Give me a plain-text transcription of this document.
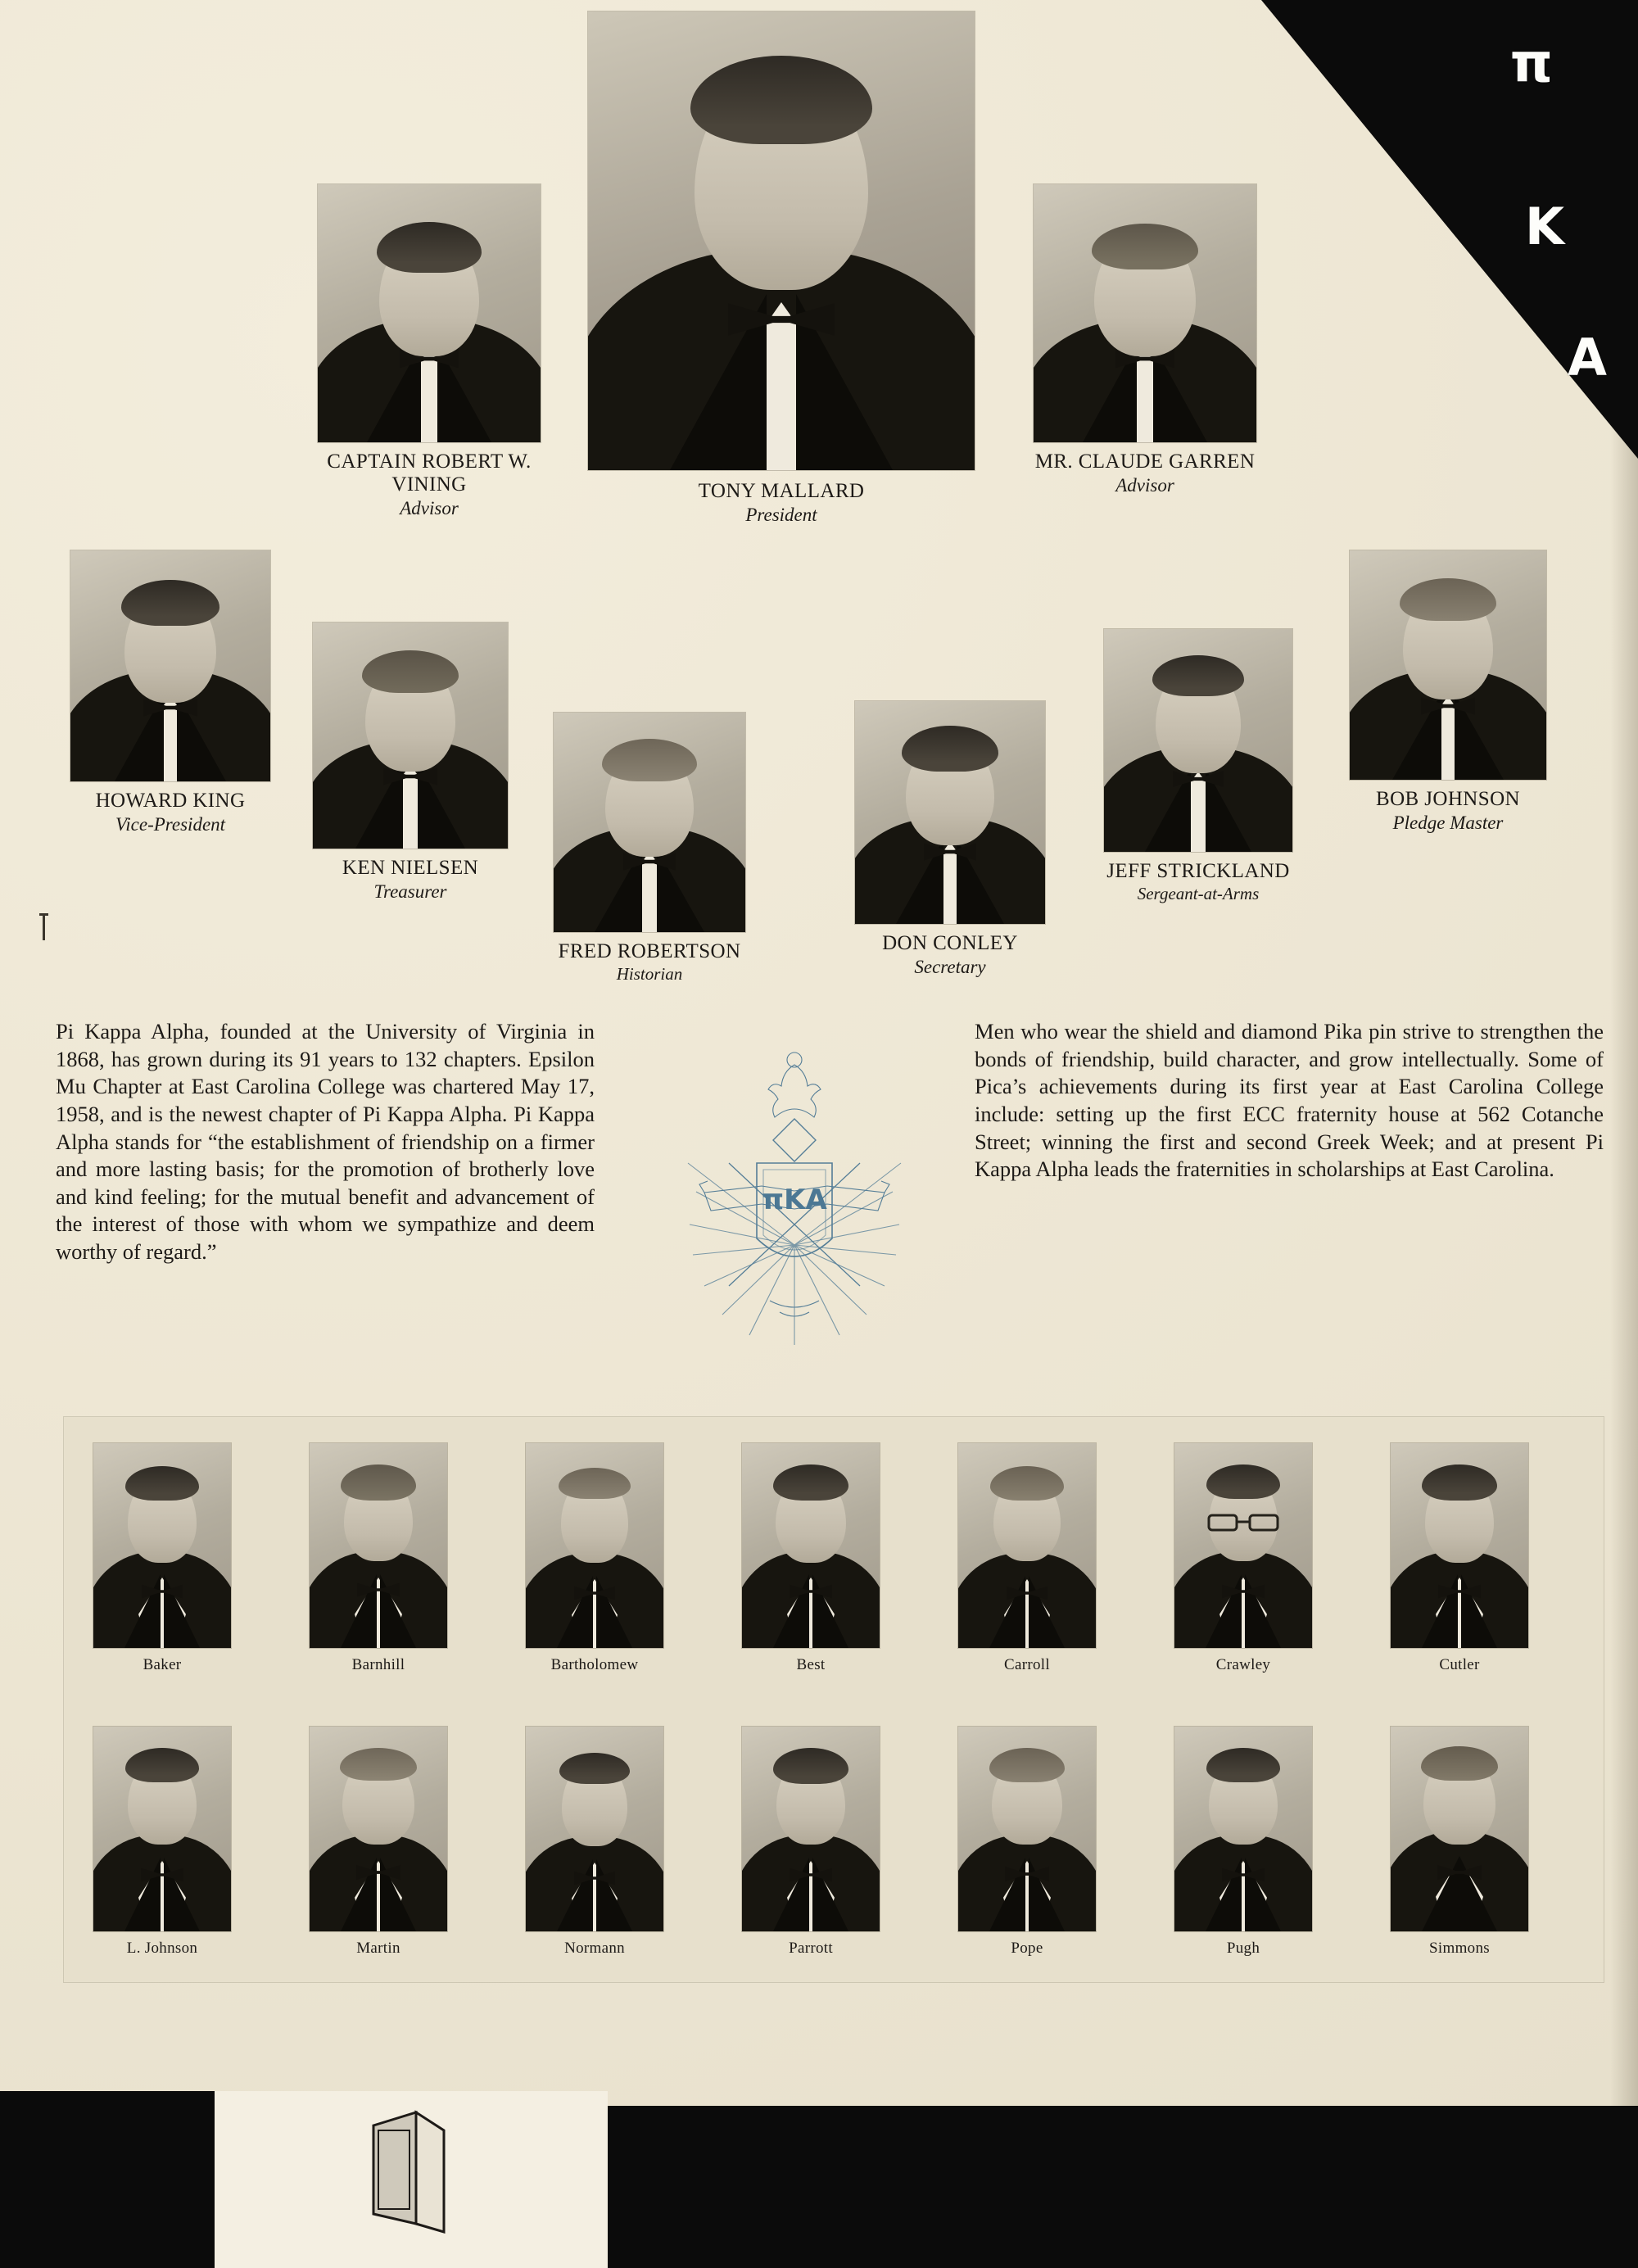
π
K
A
CAPTAIN ROBERT W. VINING
Advisor
TONY MALLARD
President
MR. CLAUDE GARREN
Advisor
HOWARD KING
Vice-President
KEN NIELSEN
Treasurer
FRED ROBERTSON
Historian
DON CONLEY
Secretary
JEFF STRICKLAND
Sergeant-at-Arms
BOB JOHNSON
Pledge Master
Pi Kappa Alpha, founded at the University of Virginia in 1868, has grown during its 91 years to 132 chapters. Epsilon Mu Chapter at East Carolina College was chartered May 17, 1958, and is the newest chapter of Pi Kappa Alpha. Pi Kappa Alpha stands for “the establishment of friendship on a firmer and more lasting basis; for the promotion of brotherly love and kind feeling; for the mutual benefit and advancement of the interest of those with whom we sympathize and deem worthy of regard.”
Men who wear the shield and diamond Pika pin strive to strengthen the bonds of friendship, build character, and grow intellectually. Some of Pica’s achievements during its first year at East Carolina College include: setting up the first ECC fraternity house at 562 Cotanche Street; winning the first and second Greek Week; and at present Pi Kappa Alpha leads the fraternities in scholarships at East Carolina.
πKA
Baker	Barnhill	Bartholomew	Best	Carroll	Crawley	Cutler
L. Johnson	Martin	Normann	Parrott	Pope	Pugh	Simmons
